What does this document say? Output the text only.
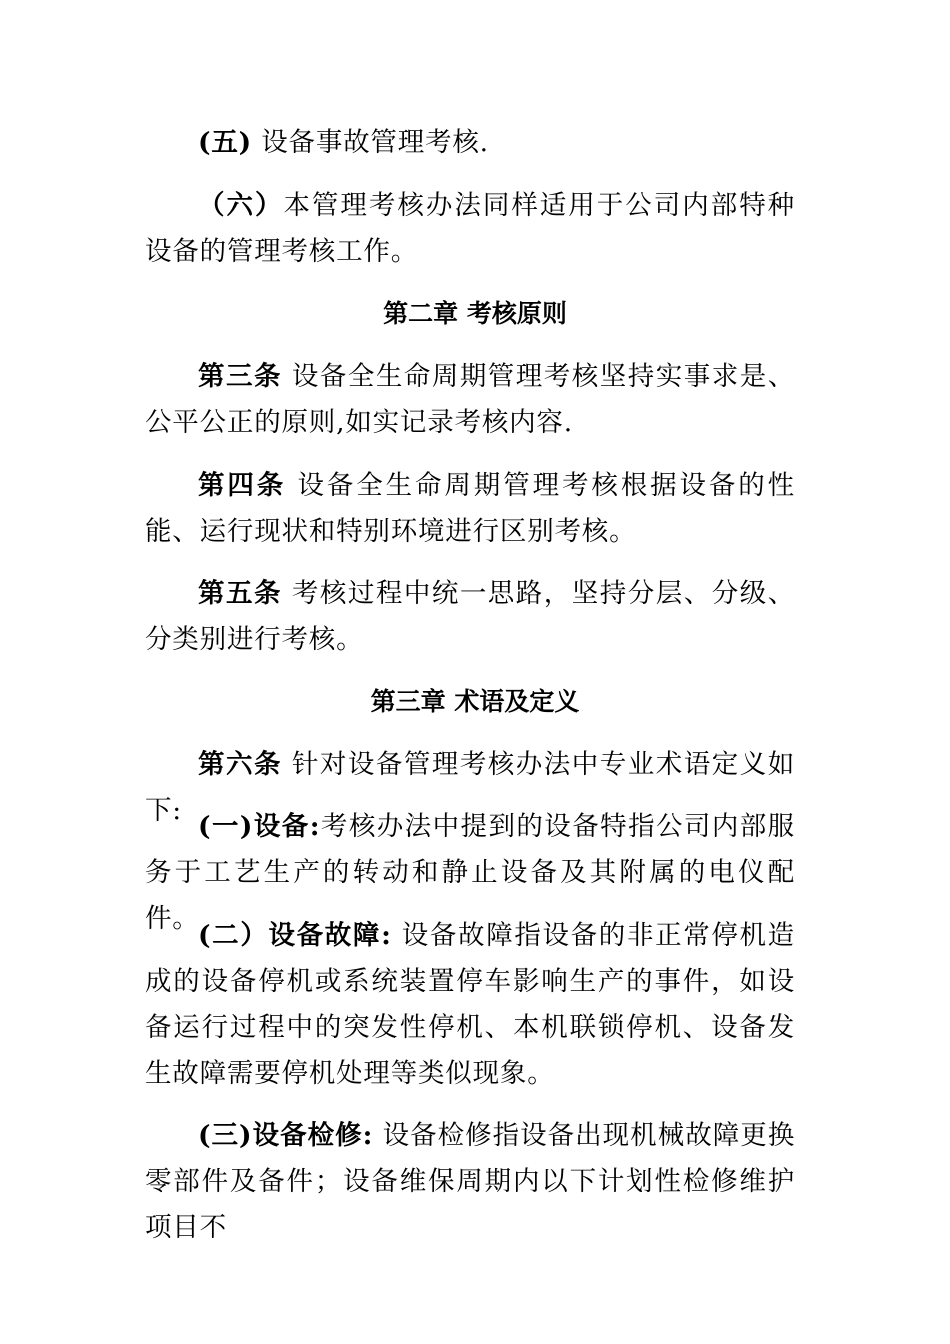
(五) 设备事故管理考核.

（六）本管理考核办法同样适用于公司内部特种设备的管理考核工作。

第二章 考核原则

第三条 设备全生命周期管理考核坚持实事求是、公平公正的原则,如实记录考核内容.

第四条 设备全生命周期管理考核根据设备的性能、运行现状和特别环境进行区别考核。

第五条 考核过程中统一思路，坚持分层、分级、分类别进行考核。

第三章 术语及定义

第六条 针对设备管理考核办法中专业术语定义如下:

(一)设备:考核办法中提到的设备特指公司内部服务于工艺生产的转动和静止设备及其附属的电仪配件。

(二）设备故障: 设备故障指设备的非正常停机造成的设备停机或系统装置停车影响生产的事件，如设备运行过程中的突发性停机、本机联锁停机、设备发生故障需要停机处理等类似现象。

(三)设备检修: 设备检修指设备出现机械故障更换零部件及备件；设备维保周期内以下计划性检修维护项目不
